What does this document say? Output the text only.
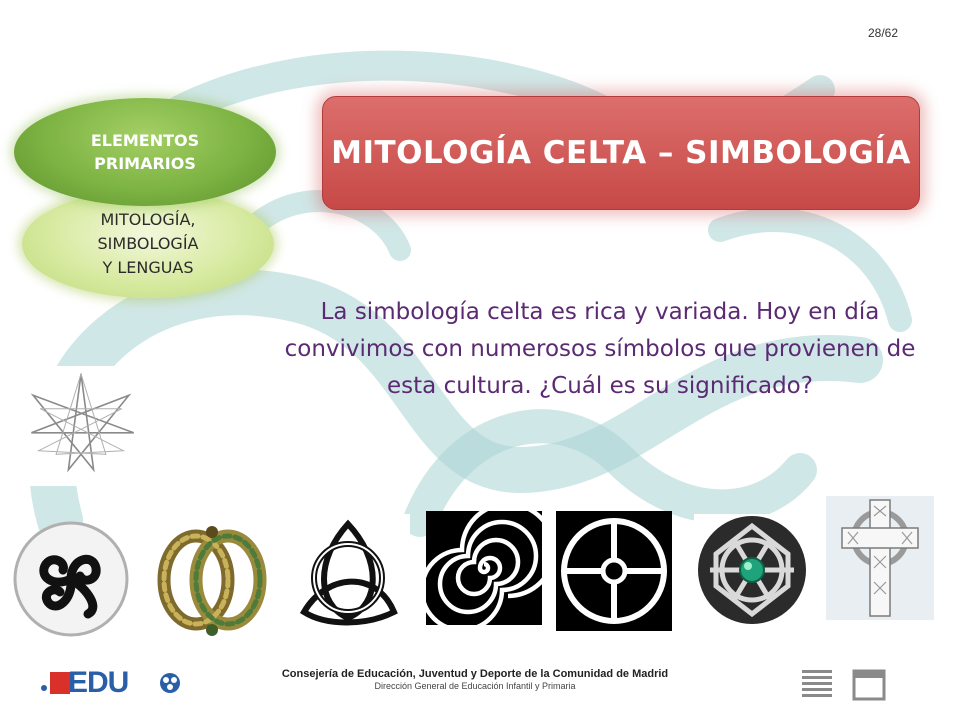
28/62
MITOLOGÍA,
SIMBOLOGÍA
Y LENGUAS
ELEMENTOS PRIMARIOS	MITOLOGÍA CELTA – SIMBOLOGÍA
La simbología celta es rica y variada. Hoy en día convivimos con numerosos símbolos que provienen de esta cultura. ¿Cuál es su significado?
EDU	Consejería de Educación, Juventud y Deporte de la Comunidad de Madrid
Dirección General de Educación Infantil y Primaria
